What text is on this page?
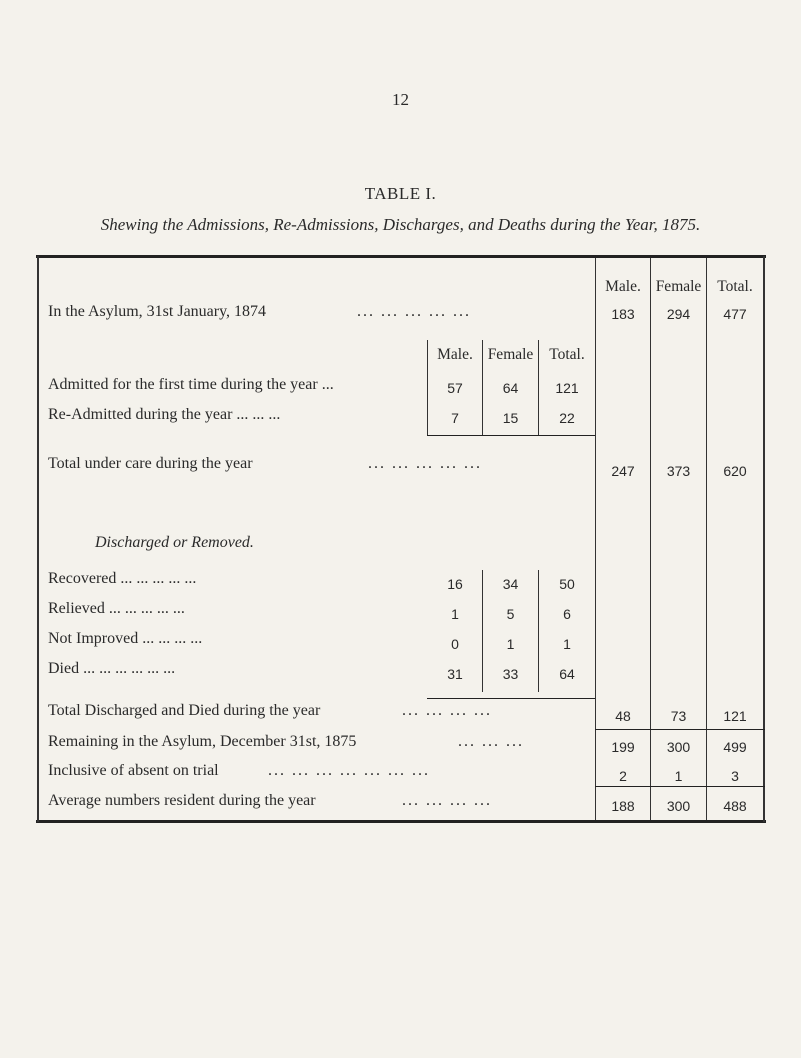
12
TABLE I.
Shewing the Admissions, Re-Admissions, Discharges, and Deaths during the Year, 1875.
Male. Female	Total.
In the Asylum, 31st January, 1874	... ... ... ... ...	183	294	477
Male. Female	Total.
Admitted for the first time during the year ...	57	64	121
Re-Admitted during the year ... ... ...	7	15	22
Total under care during the year	... ... ... ... ...	247	373	620
Discharged or Removed.
Recovered ... ... ... ... ...	16	34	50
Relieved ... ... ... ... ...	1	5	6
Not Improved ... ... ... ...	0	1	1
Died ... ... ... ... ... ...	31	33	64
Total Discharged and Died during the year	... ... ... ...	48	73	121
Remaining in the Asylum, December 31st, 1875	... ... ...	199	300	499
Inclusive of absent on trial	... ... ... ... ... ... ...	2	1	3
Average numbers resident during the year	... ... ... ...	188	300	488
